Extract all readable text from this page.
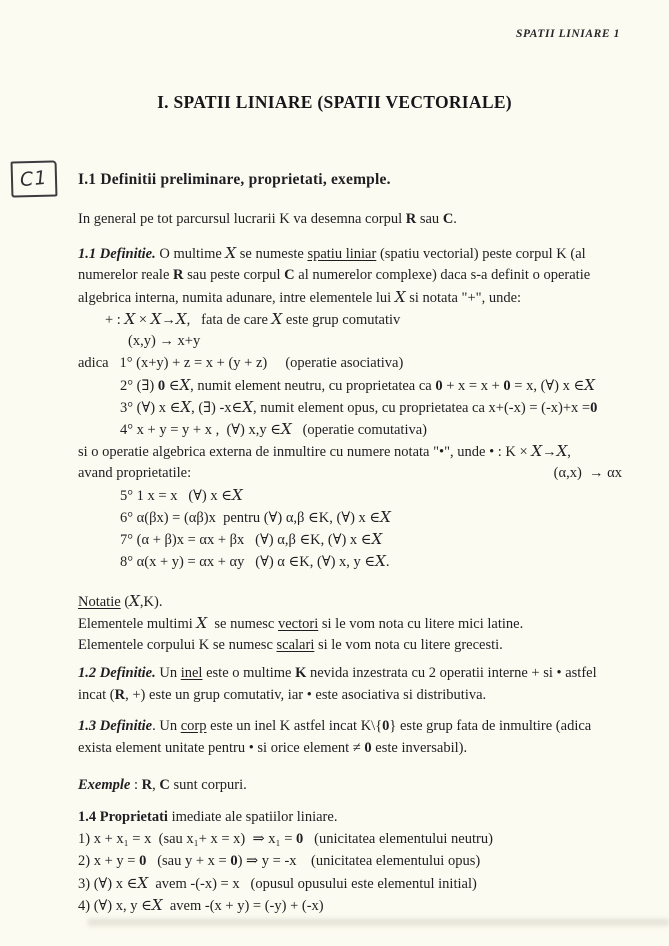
SPATII LINIARE 1
I. SPATII LINIARE (SPATII VECTORIALE)
C1 I.1 Definitii preliminare, proprietati, exemple.
In general pe tot parcursul lucrarii K va desemna corpul R sau C.
1.1 Definitie. O multime X se numeste spatiu liniar (spatiu vectorial) peste corpul K (al
numerelor reale R sau peste corpul C al numerelor complexe) daca s-a definit o operatie
algebrica interna, numita adunare, intre elementele lui X si notata "+", unde:
+ : X × X→X,   fata de care X este grup comutativ
(x,y) → x+y
adica   1° (x+y) + z = x + (y + z)     (operatie asociativa)
2° (∃) 0 ∈X, numit element neutru, cu proprietatea ca 0 + x = x + 0 = x, (∀) x ∈X
3° (∀) x ∈X, (∃) -x∈X, numit element opus, cu proprietatea ca x+(-x) = (-x)+x =0
4° x + y = y + x ,  (∀) x,y ∈X   (operatie comutativa)
si o operatie algebrica externa de inmultire cu numere notata "•", unde • : K × X→X,
(α,x)  → αx
avand proprietatile:
5° 1 x = x   (∀) x ∈X
6° α(βx) = (αβ)x  pentru (∀) α,β ∈K, (∀) x ∈X
7° (α + β)x = αx + βx   (∀) α,β ∈K, (∀) x ∈X
8° α(x + y) = αx + αy   (∀) α ∈K, (∀) x, y ∈X.
Notatie (X,K).
Elementele multimi X  se numesc vectori si le vom nota cu litere mici latine.
Elementele corpului K se numesc scalari si le vom nota cu litere grecesti.
1.2 Definitie. Un inel este o multime K nevida inzestrata cu 2 operatii interne + si • astfel
incat (R, +) este un grup comutativ, iar • este asociativa si distributiva.
1.3 Definitie. Un corp este un inel K astfel incat K\{0} este grup fata de inmultire (adica
exista element unitate pentru • si orice element ≠ 0 este inversabil).
Exemple : R, C sunt corpuri.
1.4 Proprietati imediate ale spatiilor liniare.
1) x + x₁ = x  (sau x₁+ x = x)  ⇒ x₁ = 0   (unicitatea elementului neutru)
2) x + y = 0   (sau y + x = 0) ⇒ y = -x    (unicitatea elementului opus)
3) (∀) x ∈X  avem -(-x) = x   (opusul opusului este elementul initial)
4) (∀) x, y ∈X  avem -(x + y) = (-y) + (-x)
